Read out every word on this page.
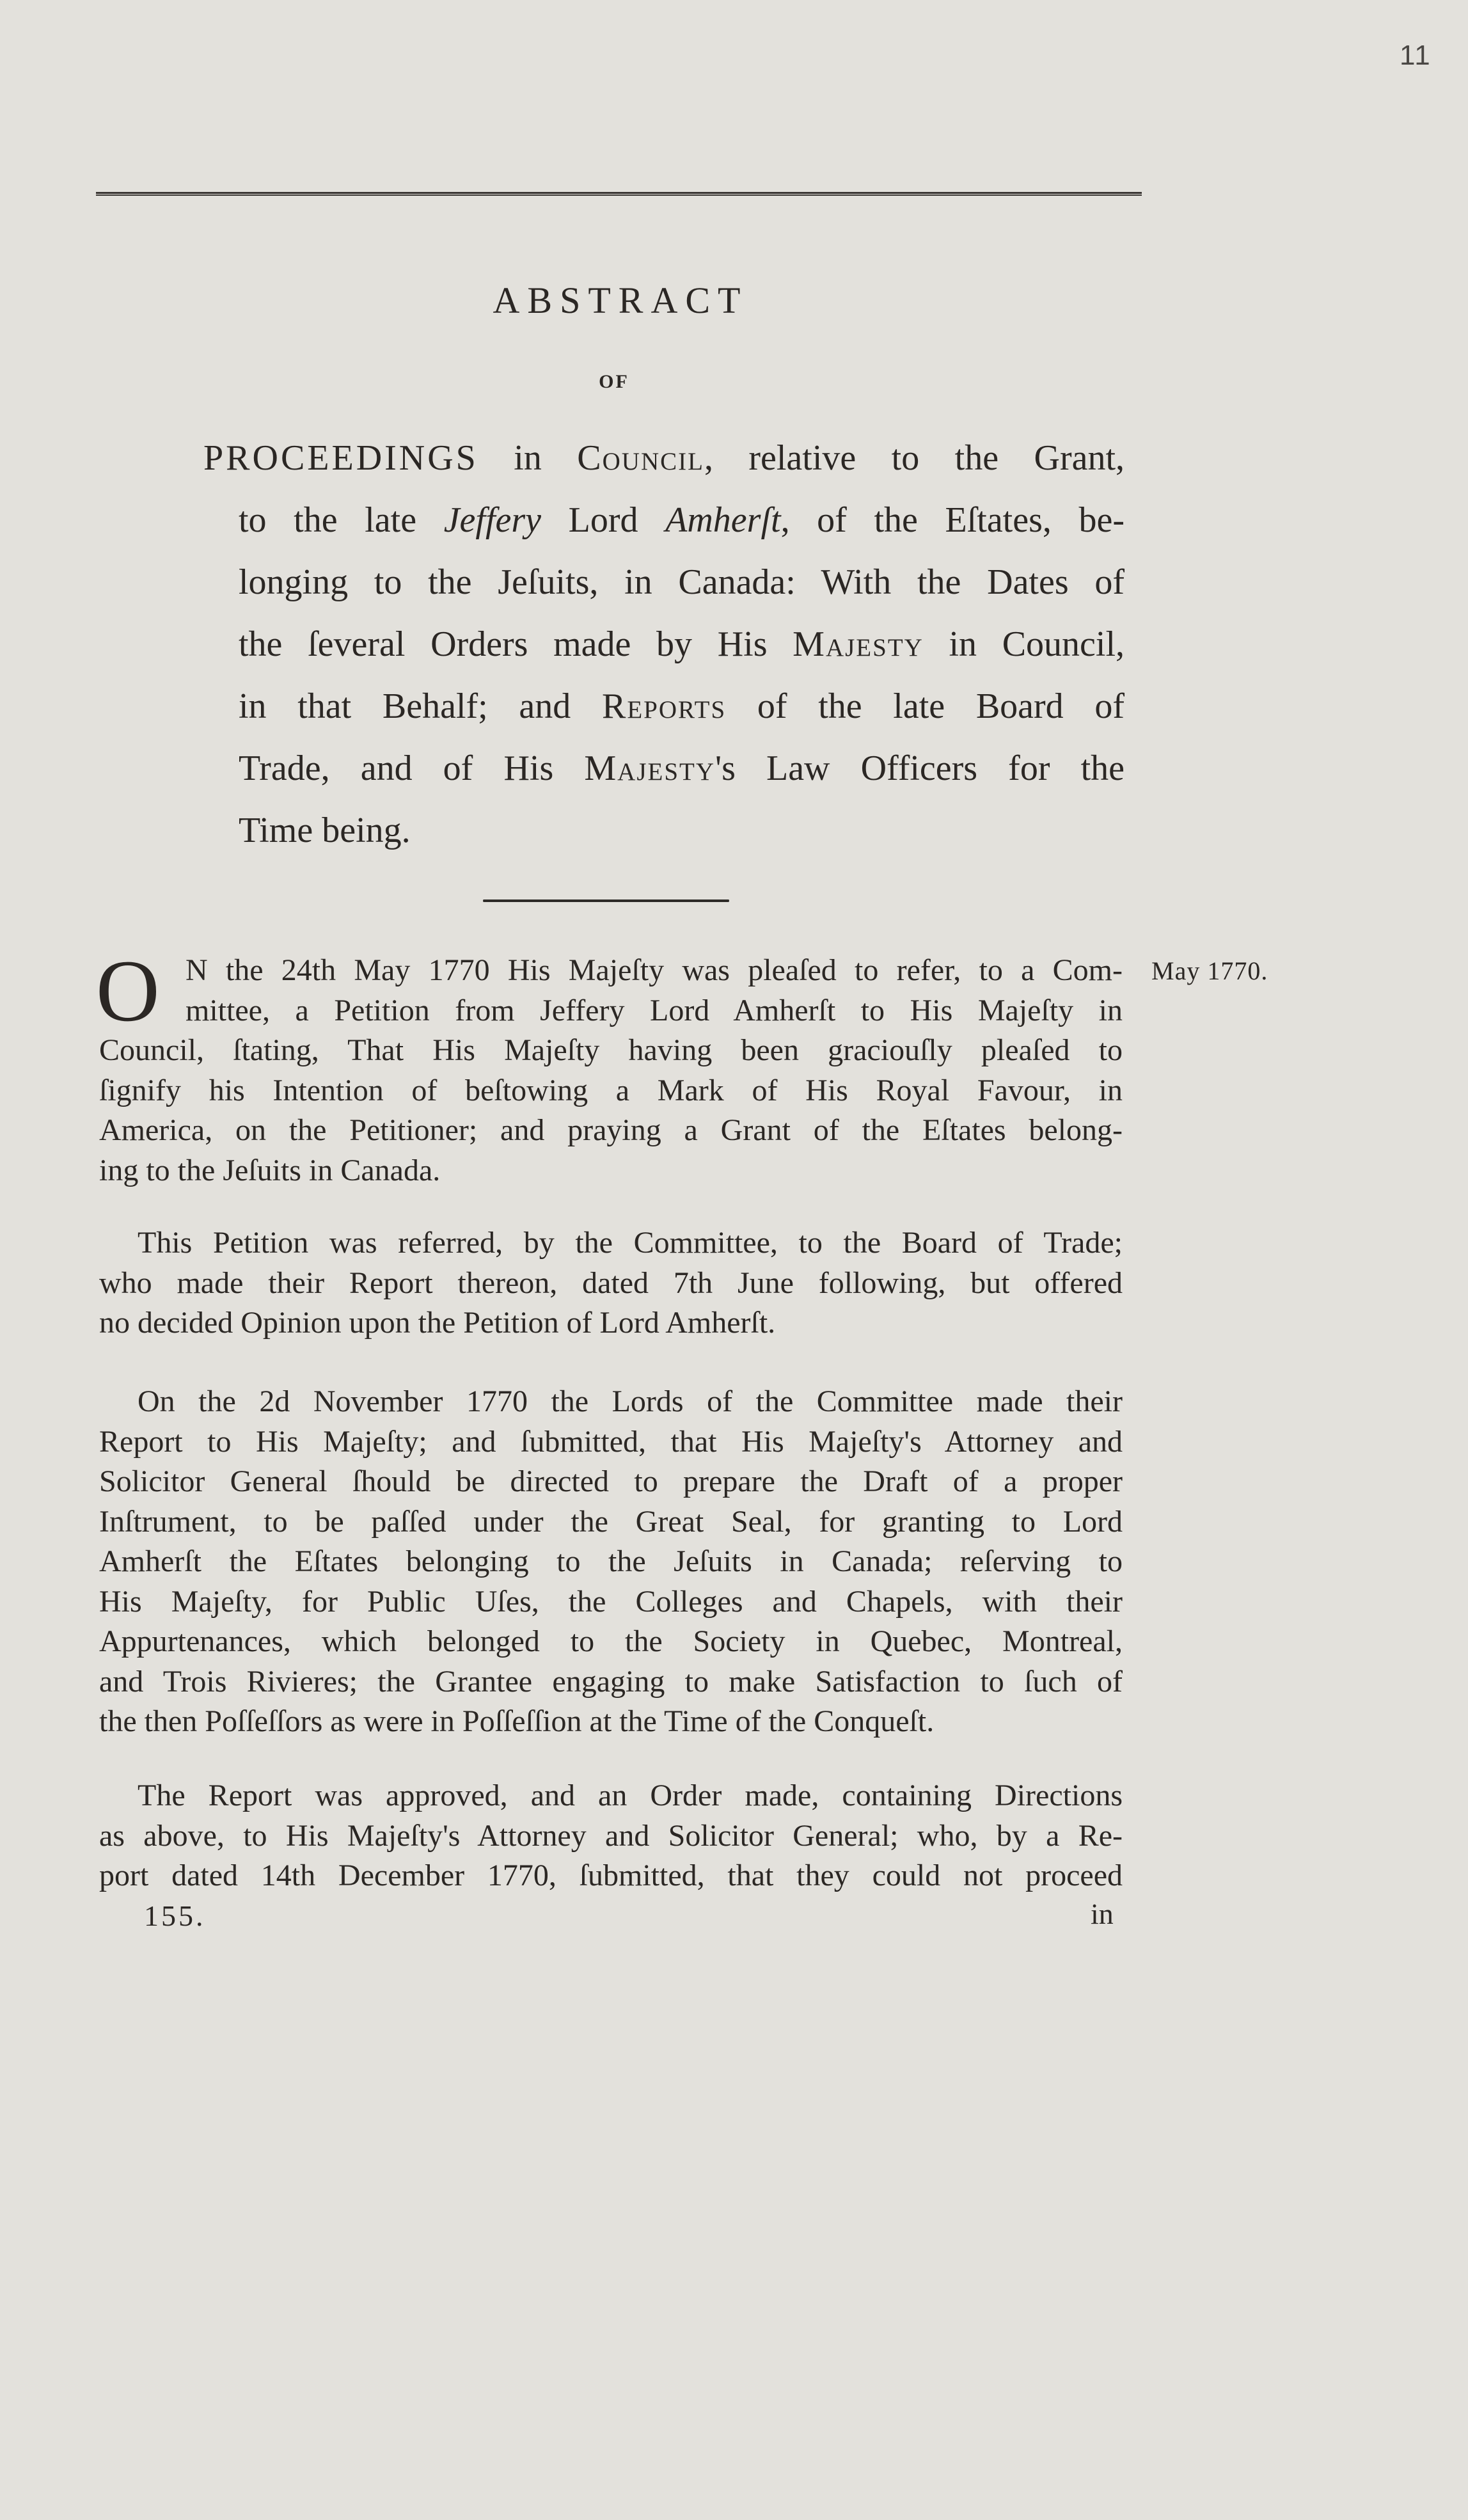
11
ABSTRACT
OF
PROCEEDINGS in Council, relative to the Grant,
to the late Jeffery Lord Amherſt, of the Eſtates, be-
longing to the Jeſuits, in Canada: With the Dates of
the ſeveral Orders made by His Majesty in Council,
in that Behalf; and Reports of the late Board of
Trade, and of His Majesty's Law Officers for the
Time being.
May 1770.
O N the 24th May 1770 His Majeſty was pleaſed to refer, to a Com-
mittee, a Petition from Jeffery Lord Amherſt to His Majeſty in
Council, ſtating, That His Majeſty having been graciouſly pleaſed to
ſignify his Intention of beſtowing a Mark of His Royal Favour, in
America, on the Petitioner; and praying a Grant of the Eſtates belong-
ing to the Jeſuits in Canada.
This Petition was referred, by the Committee, to the Board of Trade;
who made their Report thereon, dated 7th June following, but offered
no decided Opinion upon the Petition of Lord Amherſt.
On the 2d November 1770 the Lords of the Committee made their
Report to His Majeſty; and ſubmitted, that His Majeſty's Attorney and
Solicitor General ſhould be directed to prepare the Draft of a proper
Inſtrument, to be paſſed under the Great Seal, for granting to Lord
Amherſt the Eſtates belonging to the Jeſuits in Canada; reſerving to
His Majeſty, for Public Uſes, the Colleges and Chapels, with their
Appurtenances, which belonged to the Society in Quebec, Montreal,
and Trois Rivieres; the Grantee engaging to make Satisfaction to ſuch of
the then Poſſeſſors as were in Poſſeſſion at the Time of the Conqueſt.
The Report was approved, and an Order made, containing Directions
as above, to His Majeſty's Attorney and Solicitor General; who, by a Re-
port dated 14th December 1770, ſubmitted, that they could not proceed
155.	in
